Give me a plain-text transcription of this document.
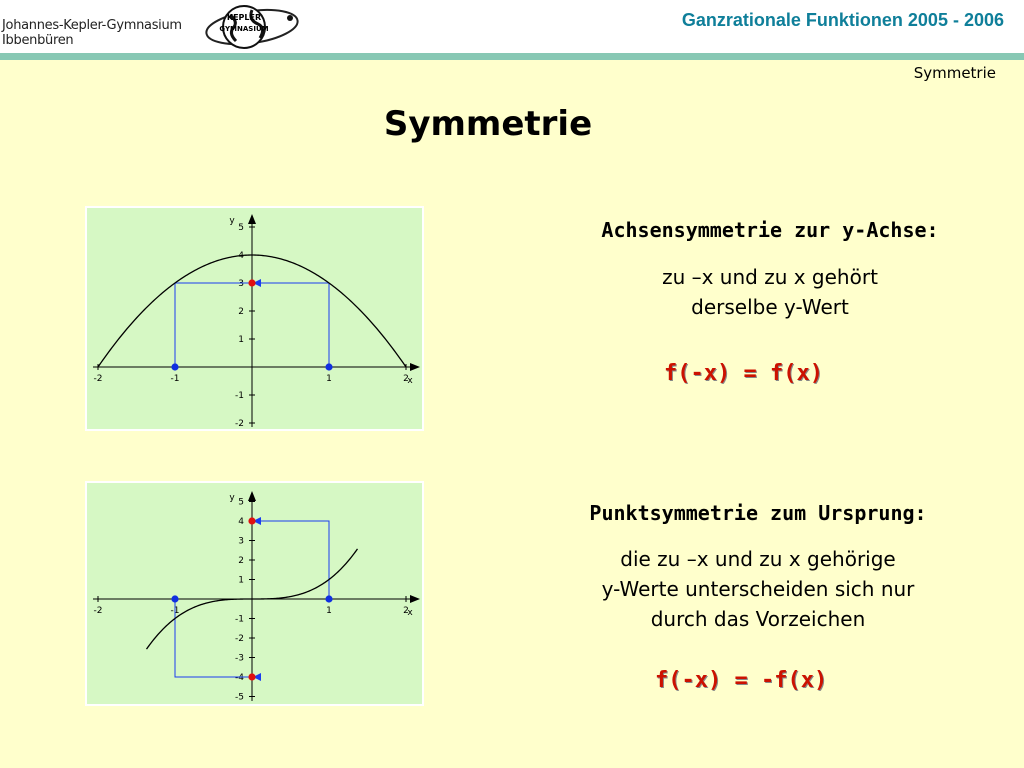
Johannes-Kepler-Gymnasium
Ibbenbüren
KEPLER
GYMNASIUM	Ganzrationale Funktionen 2005 - 2006
Symmetrie
Symmetrie
x
y
-2	-1	1	2
-2
-1
1
2
3
4
5
x
y
-2	-1	1	2
-5
-4
-3
-2
-1
1
2
3
4
5
Achsensymmetrie zur y-Achse:
zu –x und zu x gehört
derselbe y-Wert
f(-x) = f(x)
Punktsymmetrie zum Ursprung:
die zu –x und zu x gehörige
y-Werte unterscheiden sich nur
durch das Vorzeichen
f(-x) = -f(x)
